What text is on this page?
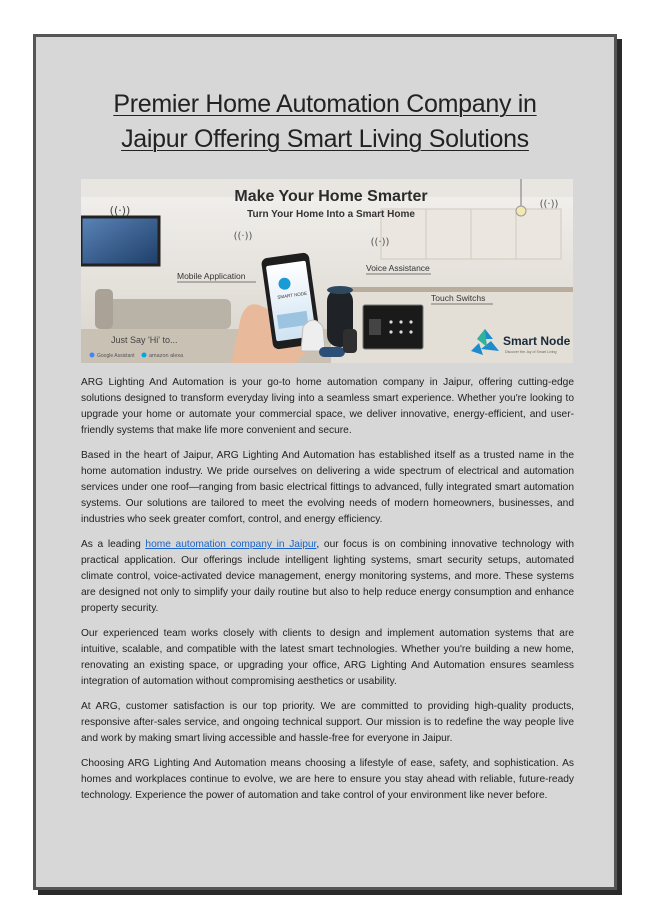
Premier Home Automation Company in
Jaipur Offering Smart Living Solutions
((·))	((·))
((·))
((·))
Make Your Home Smarter
Turn Your Home Into a Smart Home
Mobile Application
Voice Assistance
Touch Switchs
SMART NODE
Just Say 'Hi' to...
Google Assistant	amazon alexa
Smart Node
Discover the Joy of Smart Living

ARG Lighting And Automation is your go-to home automation company in Jaipur, offering cutting-edge solutions designed to transform everyday living into a seamless smart experience. Whether you're looking to upgrade your home or automate your commercial space, we deliver innovative, energy-efficient, and user-friendly systems that make life more convenient and secure.

Based in the heart of Jaipur, ARG Lighting And Automation has established itself as a trusted name in the home automation industry. We pride ourselves on delivering a wide spectrum of electrical and automation services under one roof—ranging from basic electrical fittings to advanced, fully integrated smart automation systems. Our solutions are tailored to meet the evolving needs of modern homeowners, businesses, and industries who seek greater comfort, control, and energy efficiency.

As a leading home automation company in Jaipur, our focus is on combining innovative technology with practical application. Our offerings include intelligent lighting systems, smart security setups, automated climate control, voice-activated device management, energy monitoring systems, and more. These systems are designed not only to simplify your daily routine but also to help reduce energy consumption and enhance property security.

Our experienced team works closely with clients to design and implement automation systems that are intuitive, scalable, and compatible with the latest smart technologies. Whether you're building a new home, renovating an existing space, or upgrading your office, ARG Lighting And Automation ensures seamless integration of automation without compromising aesthetics or usability.

At ARG, customer satisfaction is our top priority. We are committed to providing high-quality products, responsive after-sales service, and ongoing technical support. Our mission is to redefine the way people live and work by making smart living accessible and hassle-free for everyone in Jaipur.

Choosing ARG Lighting And Automation means choosing a lifestyle of ease, safety, and sophistication. As homes and workplaces continue to evolve, we are here to ensure you stay ahead with reliable, future-ready technology. Experience the power of automation and take control of your environment like never before.
